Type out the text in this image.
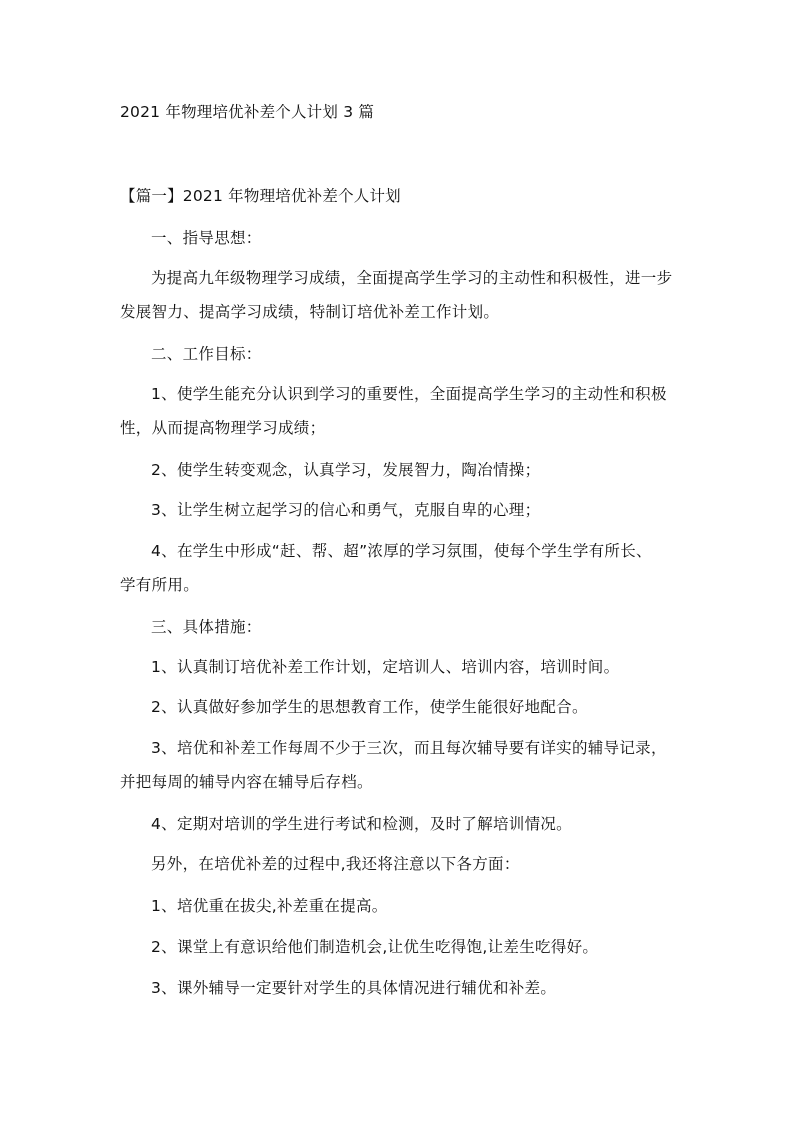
2021 年物理培优补差个人计划 3 篇
【篇一】2021 年物理培优补差个人计划
一、指导思想：
为提高九年级物理学习成绩，全面提高学生学习的主动性和积极性，进一步
发展智力、提高学习成绩，特制订培优补差工作计划。
二、工作目标：
1、使学生能充分认识到学习的重要性，全面提高学生学习的主动性和积极
性，从而提高物理学习成绩；
2、使学生转变观念，认真学习，发展智力，陶冶情操；
3、让学生树立起学习的信心和勇气，克服自卑的心理；
4、在学生中形成“赶、帮、超”浓厚的学习氛围，使每个学生学有所长、
学有所用。
三、具体措施：
1、认真制订培优补差工作计划，定培训人、培训内容，培训时间。
2、认真做好参加学生的思想教育工作，使学生能很好地配合。
3、培优和补差工作每周不少于三次，而且每次辅导要有详实的辅导记录，
并把每周的辅导内容在辅导后存档。
4、定期对培训的学生进行考试和检测，及时了解培训情况。
另外，在培优补差的过程中,我还将注意以下各方面：
1、培优重在拔尖,补差重在提高。
2、课堂上有意识给他们制造机会,让优生吃得饱,让差生吃得好。
3、课外辅导一定要针对学生的具体情况进行辅优和补差。
